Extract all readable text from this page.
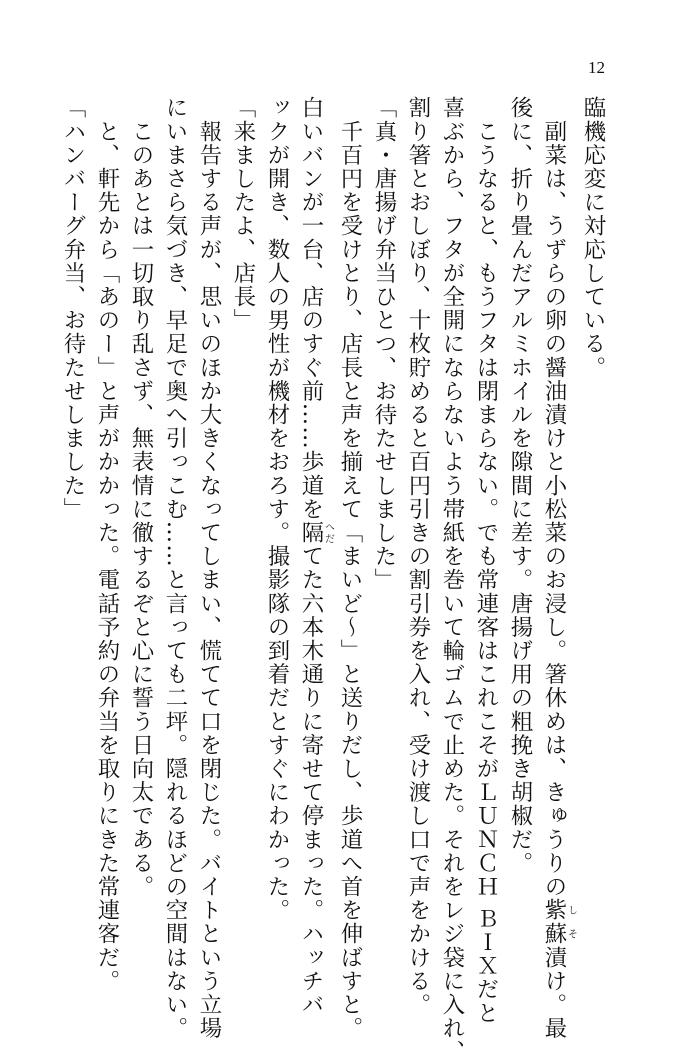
12
臨機応変に対応している。
　副菜は、うずらの卵の醤油漬けと小松菜のお浸し。箸休めは、きゅうりの紫蘇しそ漬け。最
後に、折り畳んだアルミホイルを隙間に差す。唐揚げ用の粗挽き胡椒だ。
　こうなると、もうフタは閉まらない。でも常連客はこれこそがＬＵＮＣＨ ＢＩＸだと
喜ぶから、フタが全開にならないよう帯紙を巻いて輪ゴムで止めた。それをレジ袋に入れ、
割り箸とおしぼり、十枚貯めると百円引きの割引券を入れ、受け渡し口で声をかける。
「真・唐揚げ弁当ひとつ、お待たせしました」
　千百円を受けとり、店長と声を揃えて「まいど～」と送りだし、歩道へ首を伸ばすと。
白いバンが一台、店のすぐ前……歩道を隔へだてた六本木通りに寄せて停まった。ハッチバ
ックが開き、数人の男性が機材をおろす。撮影隊の到着だとすぐにわかった。
「来ましたよ、店長」
　報告する声が、思いのほか大きくなってしまい、慌てて口を閉じた。バイトという立場
にいまさら気づき、早足で奥へ引っこむ……と言っても二坪。隠れるほどの空間はない。
　このあとは一切取り乱さず、無表情に徹するぞと心に誓う日向太である。
　と、軒先から「あのー」と声がかかった。電話予約の弁当を取りにきた常連客だ。
「ハンバーグ弁当、お待たせしました」
